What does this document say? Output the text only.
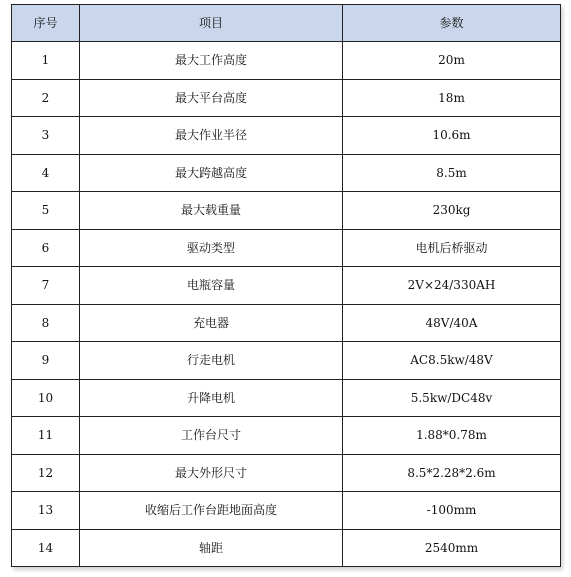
序号	项目	参数
1	最大工作高度	20m
2	最大平台高度	18m
3	最大作业半径	10.6m
4	最大跨越高度	8.5m
5	最大载重量	230kg
6	驱动类型	电机后桥驱动
7	电瓶容量	2V×24/330AH
8	充电器	48V/40A
9	行走电机	AC8.5kw/48V
10	升降电机	5.5kw/DC48v
11	工作台尺寸	1.88*0.78m
12	最大外形尺寸	8.5*2.28*2.6m
13	收缩后工作台距地面高度	-100mm
14	轴距	2540mm
